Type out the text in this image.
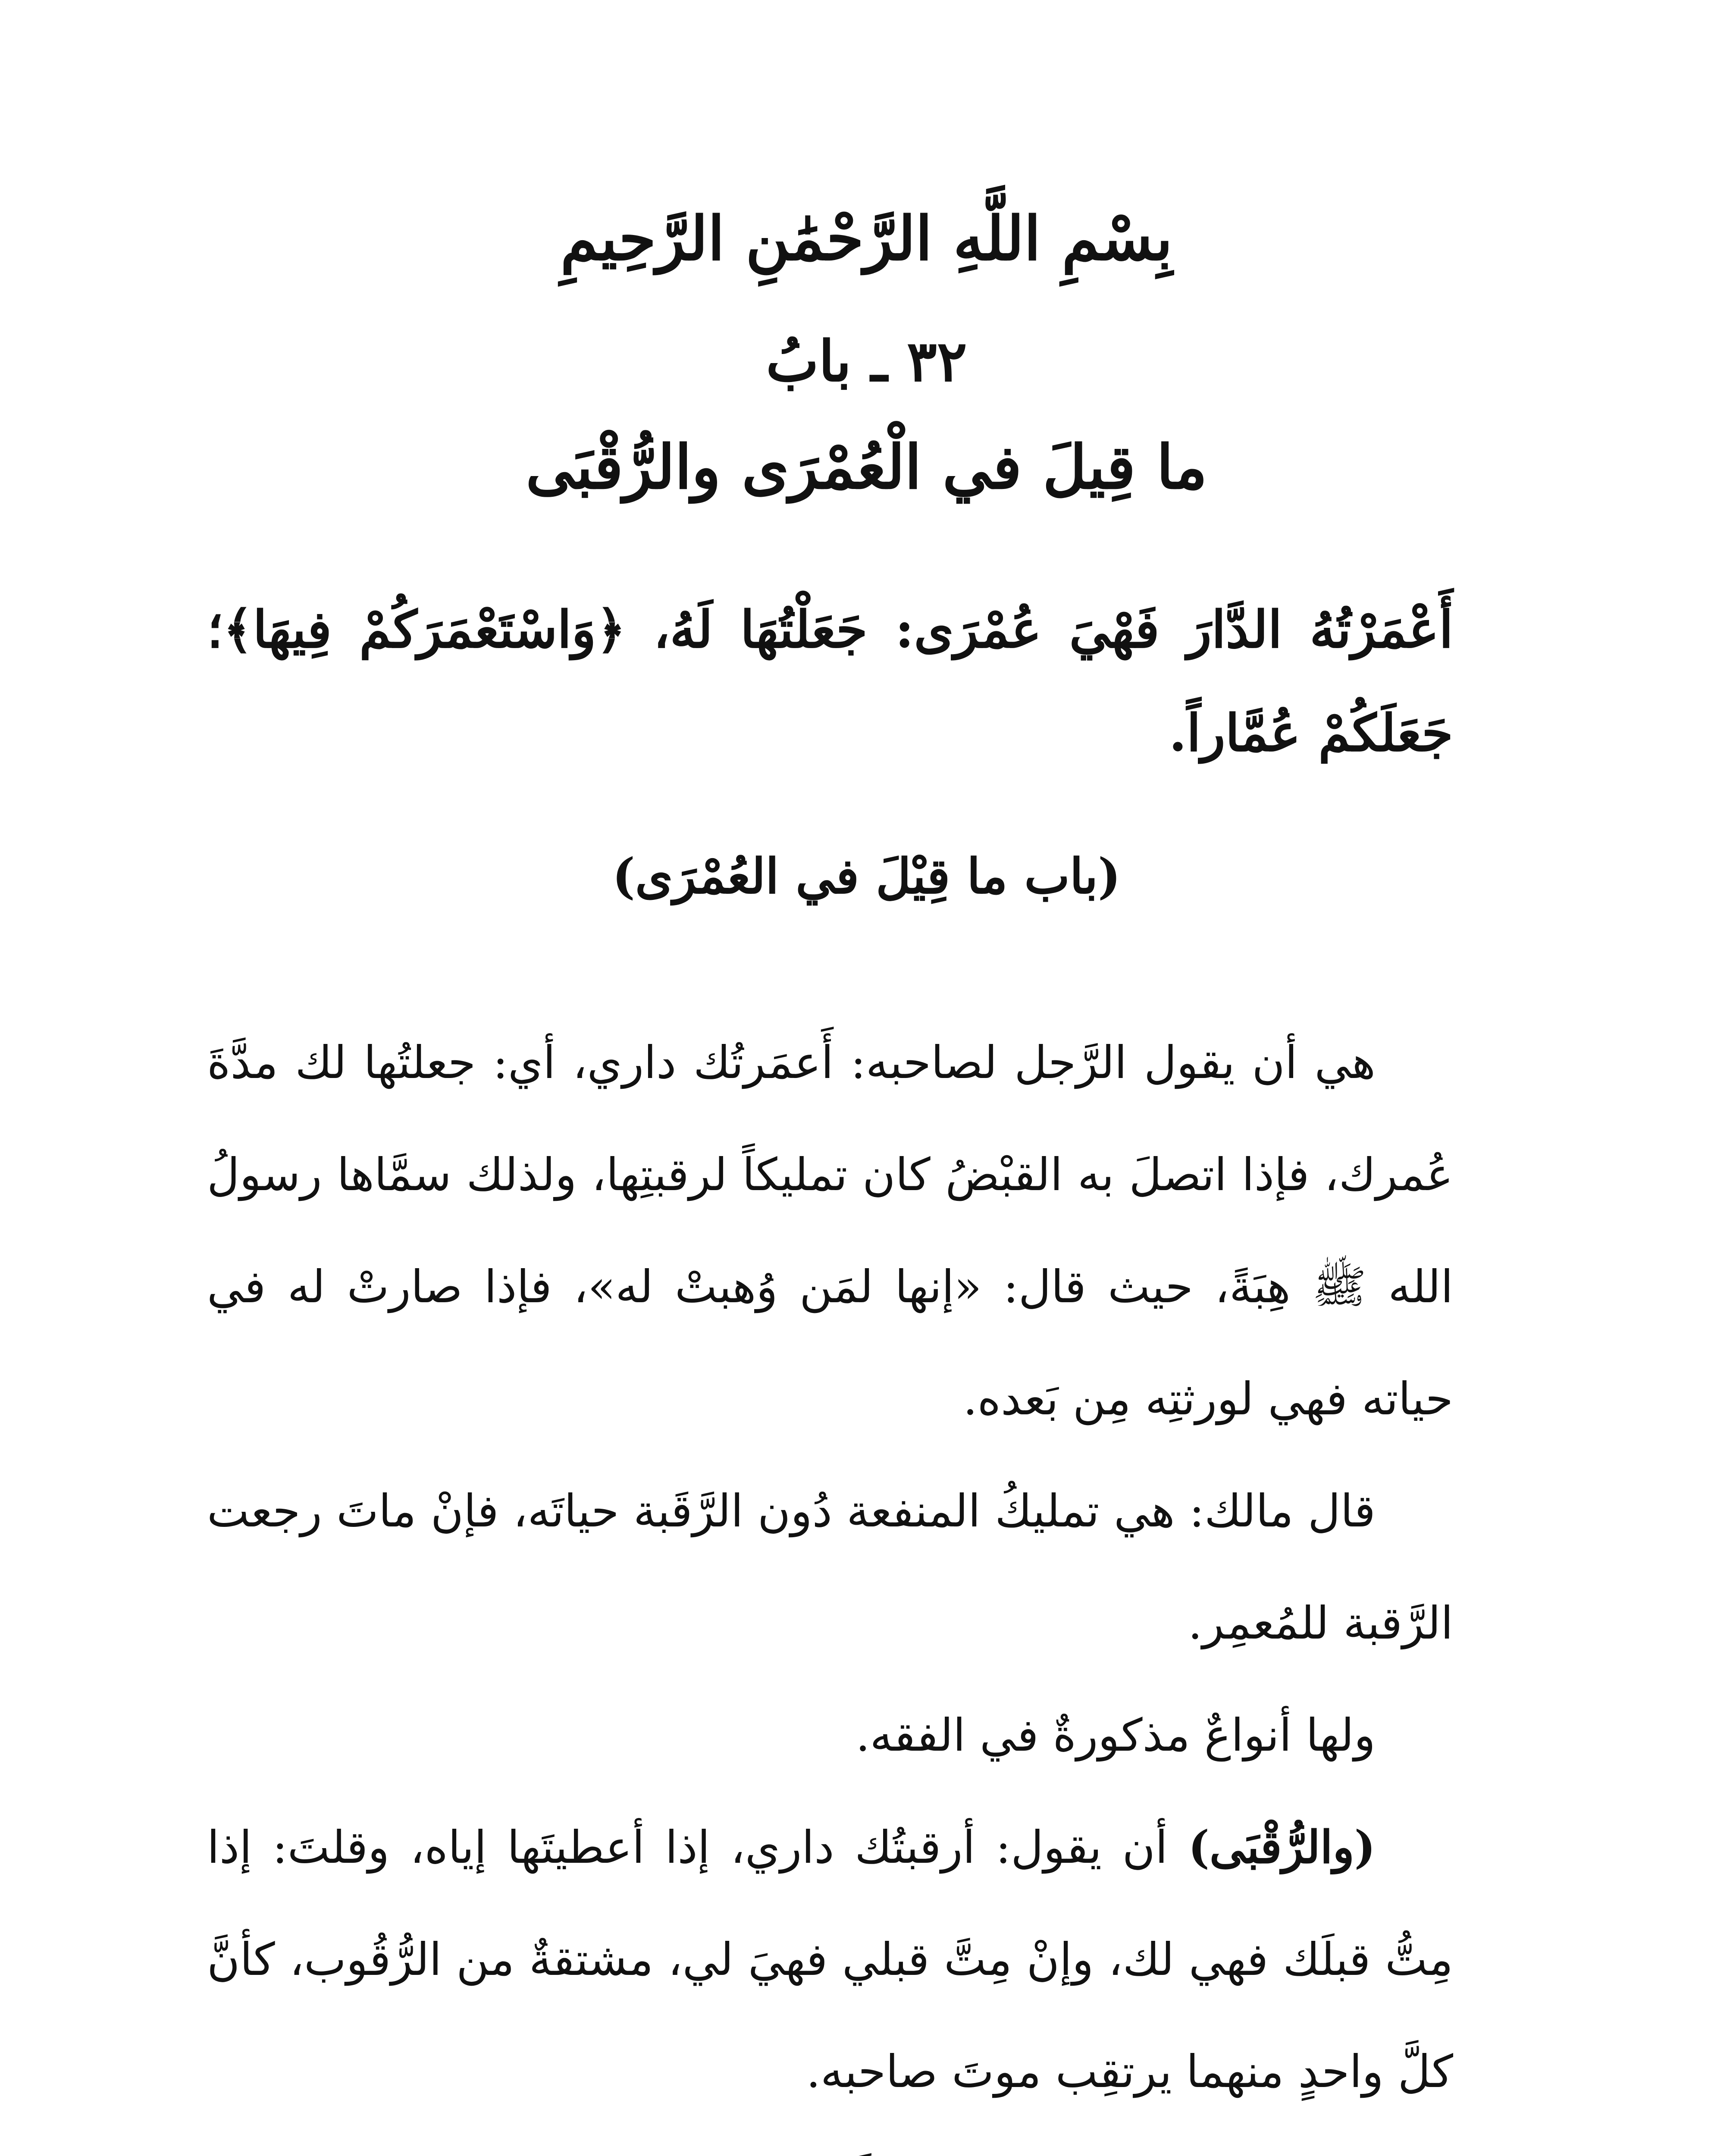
بِسْمِ اللَّهِ الرَّحْمَٰنِ الرَّحِيمِ
٣٢ ـ بابُ
ما قِيلَ في الْعُمْرَى والرُّقْبَى
أَعْمَرْتُهُ الدَّارَ فَهْيَ عُمْرَى: جَعَلْتُهَا لَهُ، ﴿وَاسْتَعْمَرَكُمْ فِيهَا﴾؛ جَعَلَكُمْ عُمَّاراً.
(باب ما قِيْلَ في العُمْرَى)

هي أن يقول الرَّجل لصاحبه: أَعمَرتُك داري، أي: جعلتُها لك مدَّةَ عُمرك، فإذا اتصلَ به القبْضُ كان تمليكاً لرقبتِها، ولذلك سمَّاها رسولُ الله ﷺ هِبَةً، حيث قال: «إنها لمَن وُهبتْ له»، فإذا صارتْ له في حياته فهي لورثتِه مِن بَعده.

قال مالك: هي تمليكُ المنفعة دُون الرَّقَبة حياتَه، فإنْ ماتَ رجعت الرَّقبة للمُعمِر.

ولها أنواعٌ مذكورةٌ في الفقه.

(والرُّقْبَى) أن يقول: أرقبتُك داري، إذا أعطيتَها إياه، وقلتَ: إذا مِتُّ قبلَك فهي لك، وإنْ مِتَّ قبلي فهيَ لي، مشتقةٌ من الرُّقُوب، كأنَّ كلَّ واحدٍ منهما يرتقِب موتَ صاحبه.
